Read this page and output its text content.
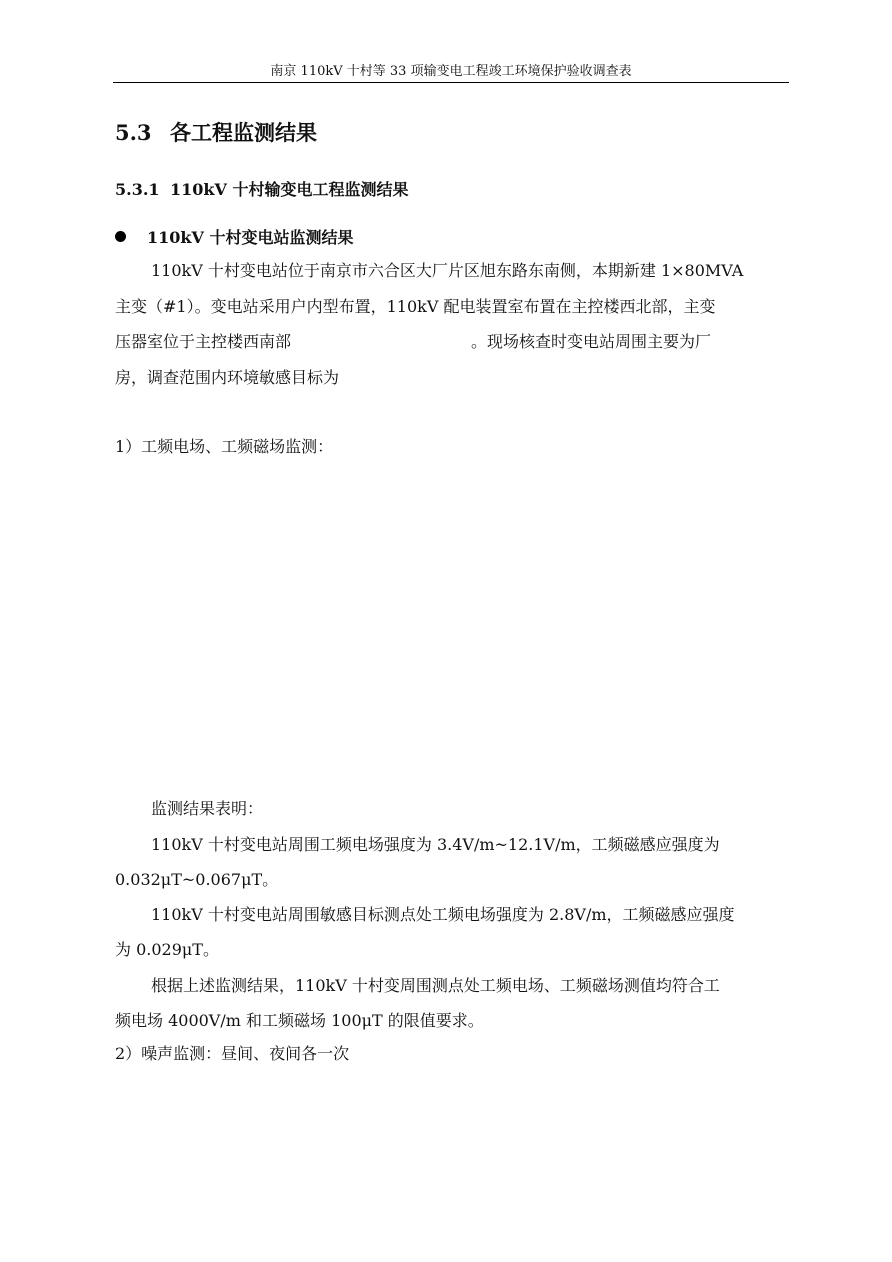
南京 110kV 十村等 33 项输变电工程竣工环境保护验收调查表
5.3 各工程监测结果
5.3.1 110kV 十村输变电工程监测结果
110kV 十村变电站监测结果
110kV 十村变电站位于南京市六合区大厂片区旭东路东南侧，本期新建 1×80MVA
主变（#1）。变电站采用户内型布置，110kV 配电装置室布置在主控楼西北部，主变
压器室位于主控楼西南部	。现场核查时变电站周围主要为厂
房，调查范围内环境敏感目标为
1）工频电场、工频磁场监测：
监测结果表明：
110kV 十村变电站周围工频电场强度为 3.4V/m~12.1V/m，工频磁感应强度为
0.032μT~0.067μT。
110kV 十村变电站周围敏感目标测点处工频电场强度为 2.8V/m，工频磁感应强度
为 0.029μT。
根据上述监测结果，110kV 十村变周围测点处工频电场、工频磁场测值均符合工
频电场 4000V/m 和工频磁场 100μT 的限值要求。
2）噪声监测：昼间、夜间各一次
